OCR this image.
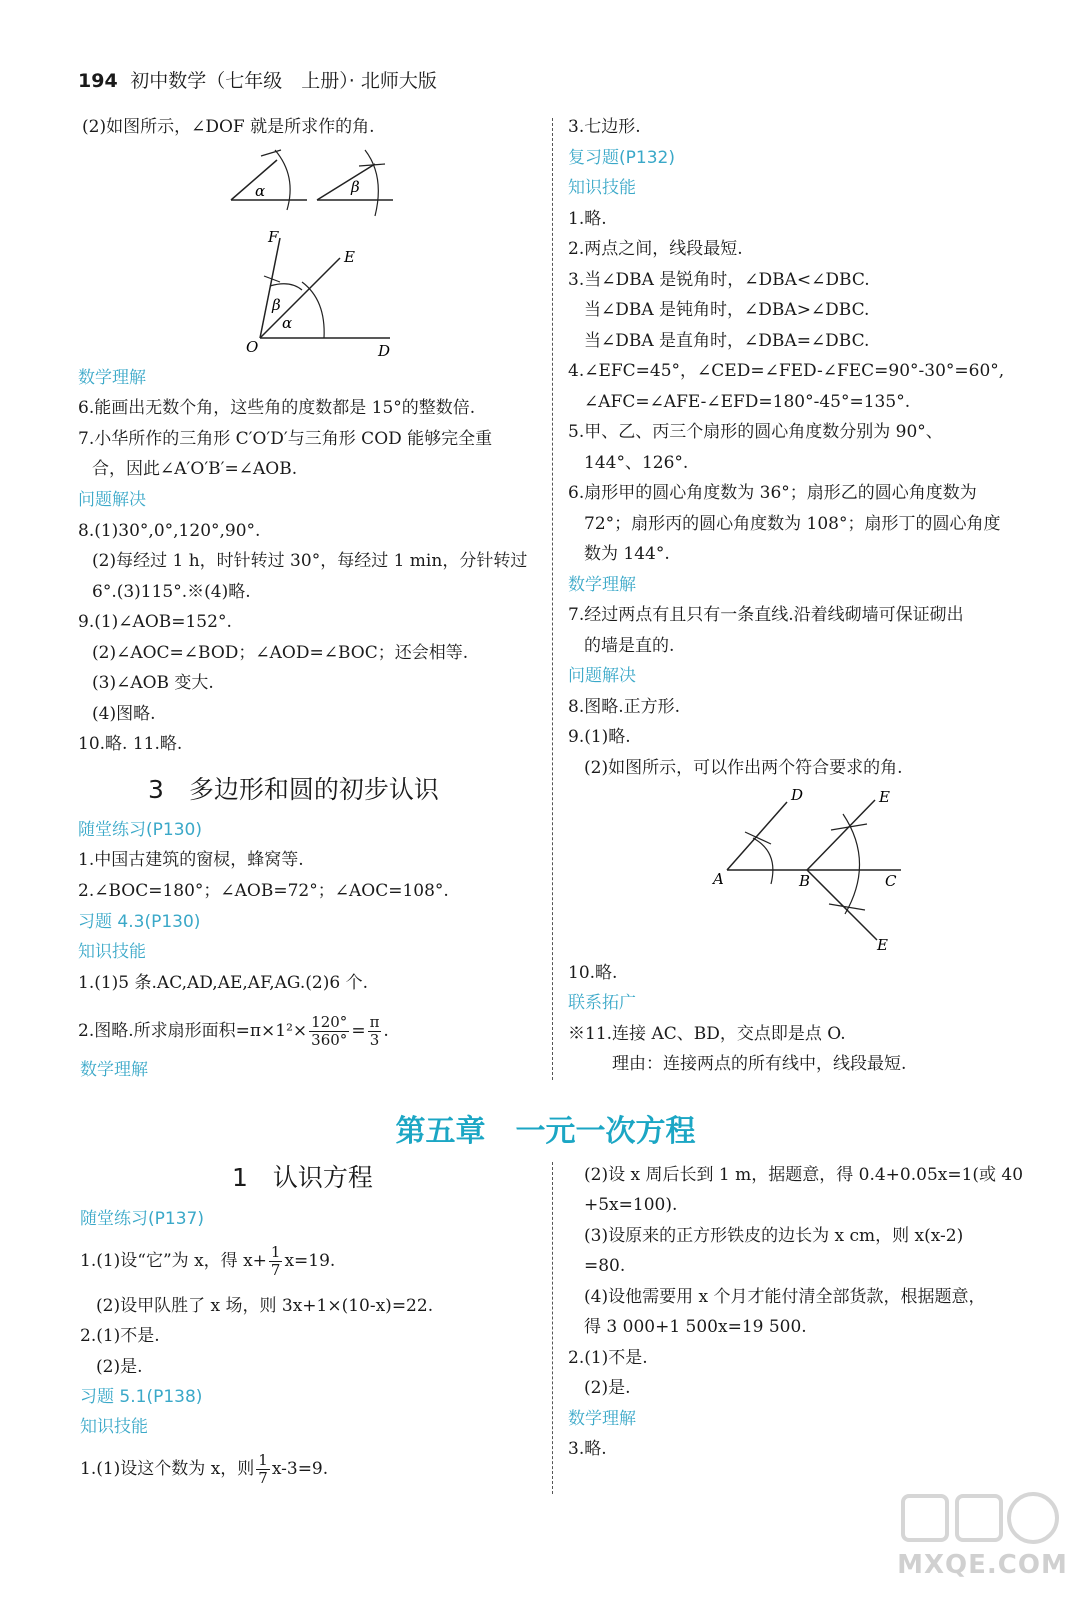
194 初中数学（七年级　上册）· 北师大版
(2)如图所示，∠DOF 就是所求作的角.
α	β
F
E
O	D
β
α
数学理解
6.能画出无数个角，这些角的度数都是 15°的整数倍.
7.小华所作的三角形 C′O′D′与三角形 COD 能够完全重
合，因此∠A′O′B′=∠AOB.
问题解决
8.(1)30°,0°,120°,90°.
(2)每经过 1 h，时针转过 30°，每经过 1 min，分针转过
6°.(3)115°.※(4)略.
9.(1)∠AOB=152°.
(2)∠AOC=∠BOD；∠AOD=∠BOC；还会相等.
(3)∠AOB 变大.
(4)图略.
10.略. 11.略.
3　多边形和圆的初步认识
随堂练习(P130)
1.中国古建筑的窗棂，蜂窝等.
2.∠BOC=180°；∠AOB=72°；∠AOC=108°.
习题 4.3(P130)
知识技能
1.(1)5 条.AC,AD,AE,AF,AG.(2)6 个.
2.图略.所求扇形面积$=\pi\times 1^2\times \frac{120^\circ}{360^\circ} = \frac{\pi}{3}$ .
数学理解
3.七边形.
复习题(P132)
知识技能
1.略.
2.两点之间，线段最短.
3.当∠DBA 是锐角时，∠DBA<∠DBC.
当∠DBA 是钝角时，∠DBA>∠DBC.
当∠DBA 是直角时，∠DBA=∠DBC.
4.∠EFC=45°，∠CED=∠FED-∠FEC=90°-30°=60°,
∠AFC=∠AFE-∠EFD=180°-45°=135°.
5.甲、乙、丙三个扇形的圆心角度数分别为 90°、
144°、126°.
6.扇形甲的圆心角度数为 36°；扇形乙的圆心角度数为
72°；扇形丙的圆心角度数为 108°；扇形丁的圆心角度
数为 144°.
数学理解
7.经过两点有且只有一条直线.沿着线砌墙可保证砌出
的墙是直的.
问题解决
8.图略.正方形.
9.(1)略.
(2)如图所示，可以作出两个符合要求的角.
D	E
A	B	C
E
10.略.
联系拓广
※11.连接 AC、BD，交点即是点 O.
理由：连接两点的所有线中，线段最短.
第五章　一元一次方程
1　认识方程
随堂练习(P137)
1.(1)设“它”为 x，得 $x+ \frac{1}{7} x=19$.
(2)设甲队胜了 x 场，则 3x+1×(10-x)=22.
2.(1)不是.
(2)是.
习题 5.1(P138)
知识技能
1.(1)设这个数为 x，则 $\frac{1}{7} x-3=9$.
(2)设 x 周后长到 1 m，据题意，得 0.4+0.05x=1(或 40
+5x=100).
(3)设原来的正方形铁皮的边长为 x cm，则 x(x-2)
=80.
(4)设他需要用 x 个月才能付清全部货款，根据题意，
得 3 000+1 500x=19 500.
2.(1)不是.
(2)是.
数学理解
3.略.
MXQE.COM
